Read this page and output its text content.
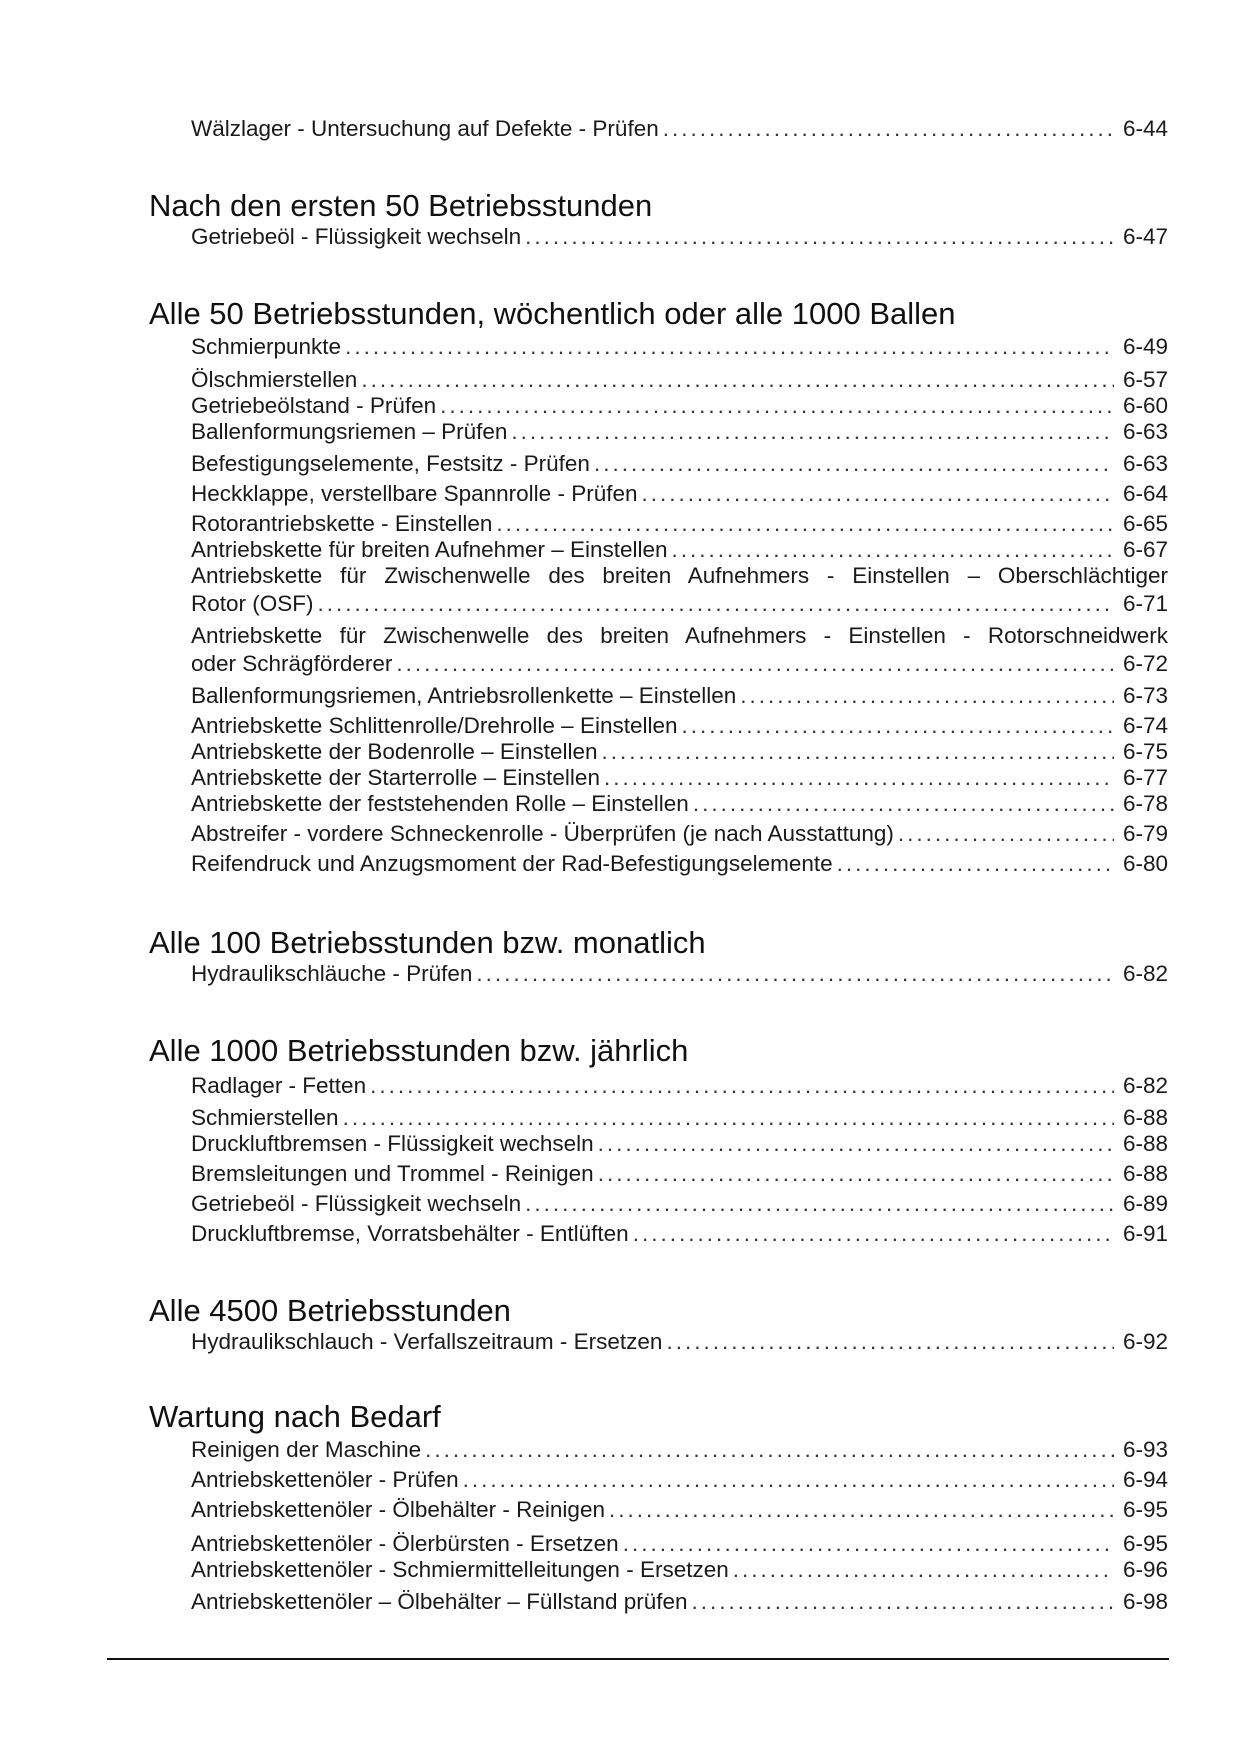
Wälzlager - Untersuchung auf Defekte - Prüfen .....	6-44
Nach den ersten 50 Betriebsstunden
Getriebeöl - Flüssigkeit wechseln .....	6-47
Alle 50 Betriebsstunden, wöchentlich oder alle 1000 Ballen
Schmierpunkte .....	6-49
Ölschmierstellen .....	6-57
Getriebeölstand - Prüfen .....	6-60
Ballenformungsriemen – Prüfen .....	6-63
Befestigungselemente, Festsitz - Prüfen .....	6-63
Heckklappe, verstellbare Spannrolle - Prüfen .....	6-64
Rotorantriebskette - Einstellen .....	6-65
Antriebskette für breiten Aufnehmer – Einstellen .....	6-67
Antriebskette für Zwischenwelle des breiten Aufnehmers - Einstellen – Oberschlächtiger
Rotor (OSF) .....	6-71
Antriebskette für Zwischenwelle des breiten Aufnehmers - Einstellen - Rotorschneidwerk
oder Schrägförderer .....	6-72
Ballenformungsriemen, Antriebsrollenkette – Einstellen .....	6-73
Antriebskette Schlittenrolle/Drehrolle – Einstellen .....	6-74
Antriebskette der Bodenrolle – Einstellen .....	6-75
Antriebskette der Starterrolle – Einstellen .....	6-77
Antriebskette der feststehenden Rolle – Einstellen .....	6-78
Abstreifer - vordere Schneckenrolle - Überprüfen (je nach Ausstattung) .....	6-79
Reifendruck und Anzugsmoment der Rad-Befestigungselemente .....	6-80
Alle 100 Betriebsstunden bzw. monatlich
Hydraulikschläuche - Prüfen .....	6-82
Alle 1000 Betriebsstunden bzw. jährlich
Radlager - Fetten .....	6-82
Schmierstellen .....	6-88
Druckluftbremsen - Flüssigkeit wechseln .....	6-88
Bremsleitungen und Trommel - Reinigen .....	6-88
Getriebeöl - Flüssigkeit wechseln .....	6-89
Druckluftbremse, Vorratsbehälter - Entlüften .....	6-91
Alle 4500 Betriebsstunden
Hydraulikschlauch - Verfallszeitraum - Ersetzen .....	6-92
Wartung nach Bedarf
Reinigen der Maschine .....	6-93
Antriebskettenöler - Prüfen .....	6-94
Antriebskettenöler - Ölbehälter - Reinigen .....	6-95
Antriebskettenöler - Ölerbürsten - Ersetzen .....	6-95
Antriebskettenöler - Schmiermittelleitungen - Ersetzen .....	6-96
Antriebskettenöler – Ölbehälter – Füllstand prüfen .....	6-98
